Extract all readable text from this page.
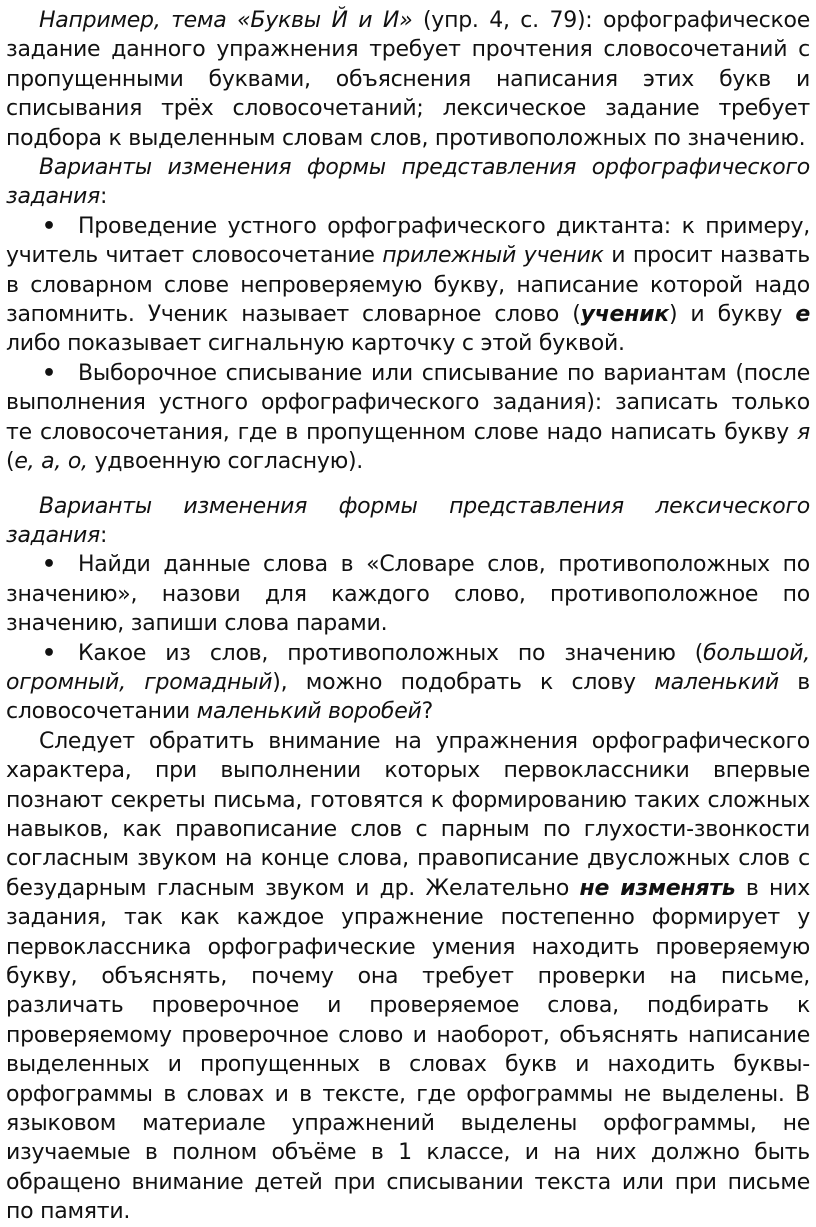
Например, тема «Буквы Й и И» (упр. 4, с. 79): орфографическое задание данного упражнения требует прочтения словосочетаний с пропущенными буквами, объяснения написания этих букв и списывания трёх словосочетаний; лексическое задание требует подбора к выделенным словам слов, противоположных по значению.

Варианты изменения формы представления орфографического задания:

•Проведение устного орфографического диктанта: к примеру, учитель читает словосочетание прилежный ученик и просит назвать в словарном слове непроверяемую букву, написание которой надо запомнить. Ученик называет словарное слово (ученик) и букву е либо показывает сигнальную карточку с этой буквой.

•Выборочное списывание или списывание по вариантам (после выполнения устного орфографического задания): записать только те словосочетания, где в пропущенном слове надо написать букву я (е, а, о, удвоенную согласную).

Варианты изменения формы представления лексического задания:

•Найди данные слова в «Словаре слов, противоположных по значению», назови для каждого слово, противоположное по значению, запиши слова парами.

•Какое из слов, противоположных по значению (большой, огромный, громадный), можно подобрать к слову маленький в словосочетании маленький воробей?

Следует обратить внимание на упражнения орфографического характера, при выполнении которых первоклассники впервые познают секреты письма, готовятся к формированию таких сложных навыков, как правописание слов с парным по глухости-звонкости согласным звуком на конце слова, правописание двусложных слов с безударным гласным звуком и др. Желательно не изменять в них задания, так как каждое упражнение постепенно формирует у первоклассника орфографические умения находить проверяемую букву, объяснять, почему она требует проверки на письме, различать проверочное и проверяемое слова, подбирать к проверяемому проверочное слово и наоборот, объяснять написание выделенных и пропущенных в словах букв и находить буквы-орфограммы в словах и в тексте, где орфограммы не выделены. В языковом материале упражнений выделены орфограммы, не изучаемые в полном объёме в 1 классе, и на них должно быть обращено внимание детей при списывании текста или при письме по памяти.
